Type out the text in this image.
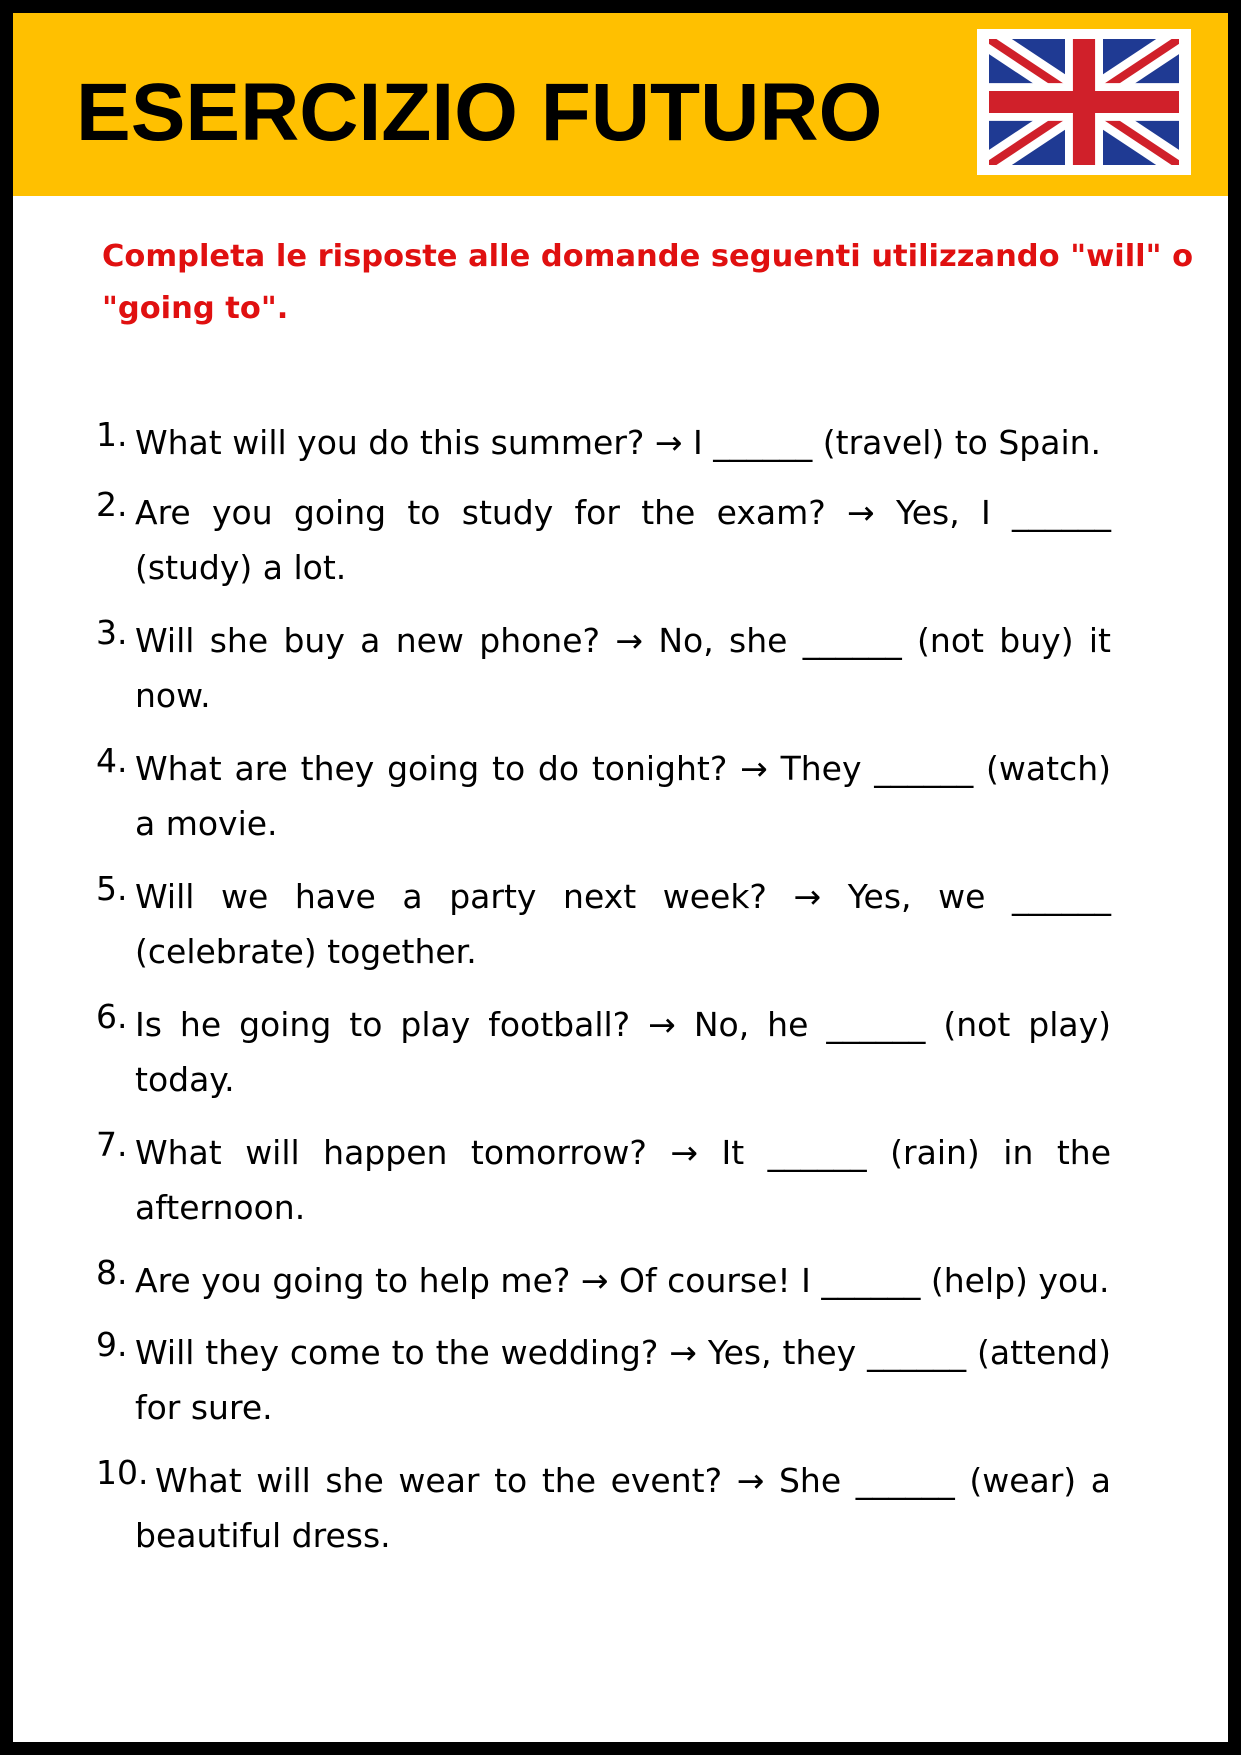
ESERCIZIO FUTURO

Completa le risposte alle domande seguenti utilizzando "will" o "going to".

1. What will you do this summer? → I ______ (travel) to Spain.
2. Are you going to study for the exam? → Yes, I ______ (study) a lot.
3. Will she buy a new phone? → No, she ______ (not buy) it now.
4. What are they going to do tonight? → They ______ (watch) a movie.
5. Will we have a party next week? → Yes, we ______ (celebrate) together.
6. Is he going to play football? → No, he ______ (not play) today.
7. What will happen tomorrow? → It ______ (rain) in the afternoon.
8. Are you going to help me? → Of course! I ______ (help) you.
9. Will they come to the wedding? → Yes, they ______ (attend) for sure.
10. What will she wear to the event? → She ______ (wear) a beautiful dress.
